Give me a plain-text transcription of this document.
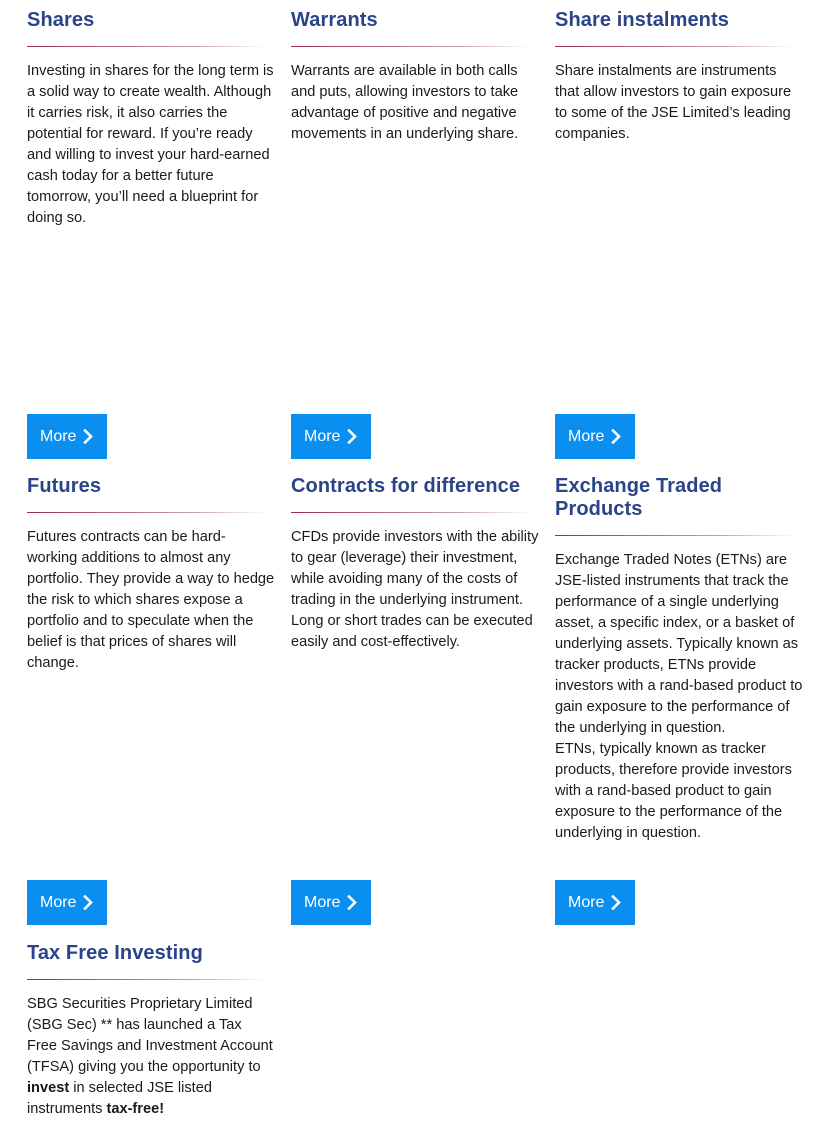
Shares

Investing in shares for the long term is a solid way to create wealth. Although it carries risk, it also carries the potential for reward. If you’re ready and willing to invest your hard-earned cash today for a better future tomorrow, you’ll need a blueprint for doing so.

Warrants

Warrants are available in both calls and puts, allowing investors to take advantage of positive and negative movements in an underlying share.

Share instalments

Share instalments are instruments that allow investors to gain exposure to some of the JSE Limited’s leading companies.

More	More	More
Futures

Futures contracts can be hard-working additions to almost any portfolio. They provide a way to hedge the risk to which shares expose a portfolio and to speculate when the belief is that prices of shares will change.

Contracts for difference

CFDs provide investors with the ability to gear (leverage) their investment, while avoiding many of the costs of trading in the underlying instrument. Long or short trades can be executed easily and cost-effectively.

Exchange Traded Products

Exchange Traded Notes (ETNs) are JSE-listed instruments that track the performance of a single underlying asset, a specific index, or a basket of underlying assets. Typically known as tracker products, ETNs provide investors with a rand-based product to gain exposure to the performance of the underlying in question.
ETNs, typically known as tracker products, therefore provide investors with a rand-based product to gain exposure to the performance of the underlying in question.

More	More	More
Tax Free Investing

SBG Securities Proprietary Limited (SBG Sec) ** has launched a Tax Free Savings and Investment Account (TFSA) giving you the opportunity to invest in selected JSE listed instruments tax-free!
